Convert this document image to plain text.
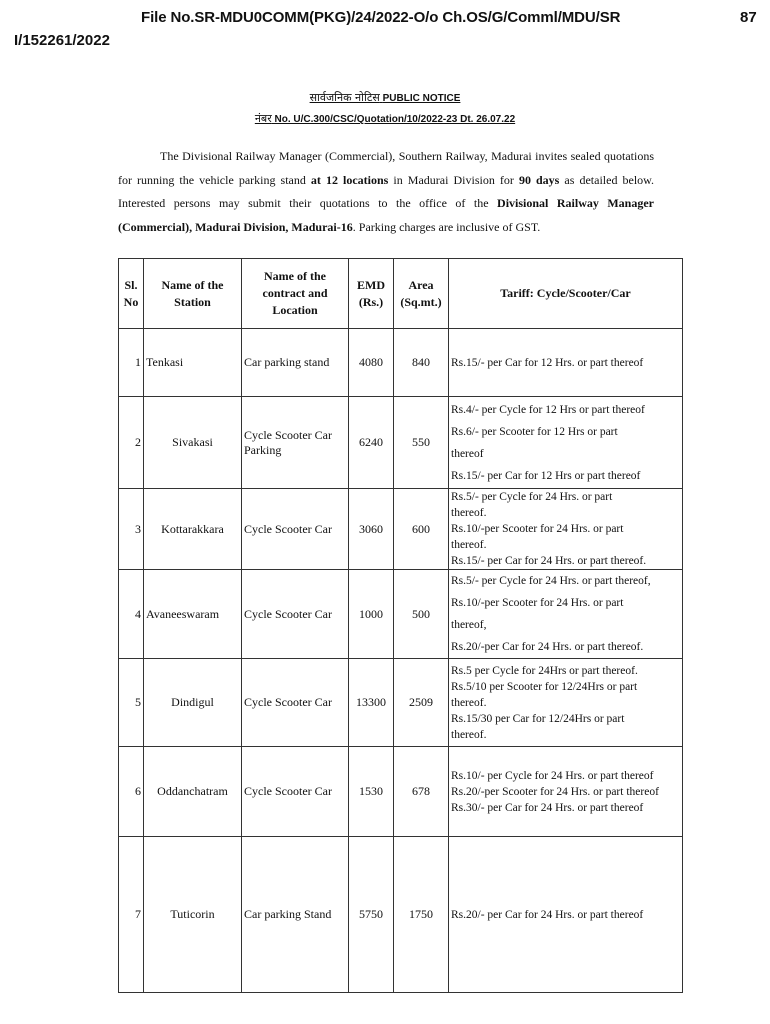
File No.SR-MDU0COMM(PKG)/24/2022-O/o Ch.OS/G/Comml/MDU/SR
I/152261/2022
87
सार्वजनिक नोटिस PUBLIC NOTICE
नंबर No. U/C.300/CSC/Quotation/10/2022-23 Dt. 26.07.22
The Divisional Railway Manager (Commercial), Southern Railway, Madurai invites sealed quotations for running the vehicle parking stand at 12 locations in Madurai Division for 90 days as detailed below. Interested persons may submit their quotations to the office of the Divisional Railway Manager (Commercial), Madurai Division, Madurai-16. Parking charges are inclusive of GST.
Sl. No	Name of the Station	Name of the contract and Location	EMD (Rs.)	Area (Sq.mt.)	Tariff: Cycle/Scooter/Car
1	Tenkasi	Car parking stand	4080	840	Rs.15/- per Car for 12 Hrs. or part thereof

2	Sivakasi	Cycle Scooter Car Parking	6240	550	Rs.4/- per Cycle for 12 Hrs or part thereof
Rs.6/- per Scooter for 12 Hrs or part
thereof
Rs.15/- per Car for 12 Hrs or part thereof

3	Kottarakkara	Cycle Scooter Car	3060	600	Rs.5/- per Cycle for 24 Hrs. or part
thereof.
Rs.10/-per Scooter for 24 Hrs. or part
thereof.
Rs.15/- per Car for 24 Hrs. or part thereof.

4	Avaneeswaram	Cycle Scooter Car	1000	500	Rs.5/- per Cycle for 24 Hrs. or part thereof,
Rs.10/-per Scooter for 24 Hrs. or part
thereof,
Rs.20/-per Car for 24 Hrs. or part thereof.

5	Dindigul	Cycle Scooter Car	13300	2509	Rs.5 per Cycle for 24Hrs or part thereof.
Rs.5/10 per Scooter for 12/24Hrs or part
thereof.
Rs.15/30 per Car for 12/24Hrs or part
thereof.

6	Oddanchatram	Cycle Scooter Car	1530	678	Rs.10/- per Cycle for 24 Hrs. or part thereof
Rs.20/-per Scooter for 24 Hrs. or part thereof
Rs.30/- per Car for 24 Hrs. or part thereof

7	Tuticorin	Car parking Stand	5750	1750	Rs.20/- per Car for 24 Hrs. or part thereof
